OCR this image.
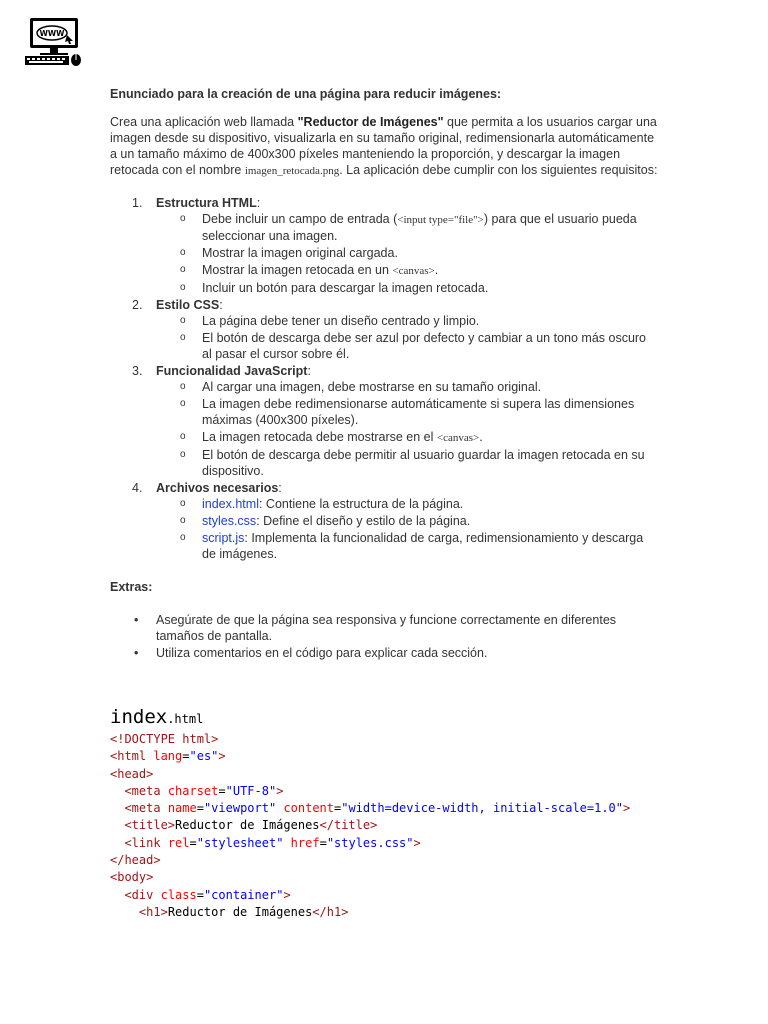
WWW

Enunciado para la creación de una página para reducir imágenes:

Crea una aplicación web llamada "Reductor de Imágenes" que permita a los usuarios cargar una imagen desde su dispositivo, visualizarla en su tamaño original, redimensionarla automáticamente a un tamaño máximo de 400x300 píxeles manteniendo la proporción, y descargar la imagen retocada con el nombre imagen_retocada.png. La aplicación debe cumplir con los siguientes requisitos:

1. Estructura HTML:
o Debe incluir un campo de entrada (<input type="file">) para que el usuario pueda seleccionar una imagen.
o Mostrar la imagen original cargada.
o Mostrar la imagen retocada en un <canvas>.
o Incluir un botón para descargar la imagen retocada.
2. Estilo CSS:
o La página debe tener un diseño centrado y limpio.
o El botón de descarga debe ser azul por defecto y cambiar a un tono más oscuro al pasar el cursor sobre él.
3. Funcionalidad JavaScript:
o Al cargar una imagen, debe mostrarse en su tamaño original.
o La imagen debe redimensionarse automáticamente si supera las dimensiones máximas (400x300 píxeles).
o La imagen retocada debe mostrarse en el <canvas>.
o El botón de descarga debe permitir al usuario guardar la imagen retocada en su dispositivo.
4. Archivos necesarios:
o index.html: Contiene la estructura de la página.
o styles.css: Define el diseño y estilo de la página.
o script.js: Implementa la funcionalidad de carga, redimensionamiento y descarga de imágenes.

Extras:

• Asegúrate de que la página sea responsiva y funcione correctamente en diferentes tamaños de pantalla.
• Utiliza comentarios en el código para explicar cada sección.
index.html
<!DOCTYPE html>
<html lang="es">
<head>
<meta charset="UTF-8">
<meta name="viewport" content="width=device-width, initial-scale=1.0">
<title>Reductor de Imágenes</title>
<link rel="stylesheet" href="styles.css">
</head>
<body>
<div class="container">
<h1>Reductor de Imágenes</h1>
